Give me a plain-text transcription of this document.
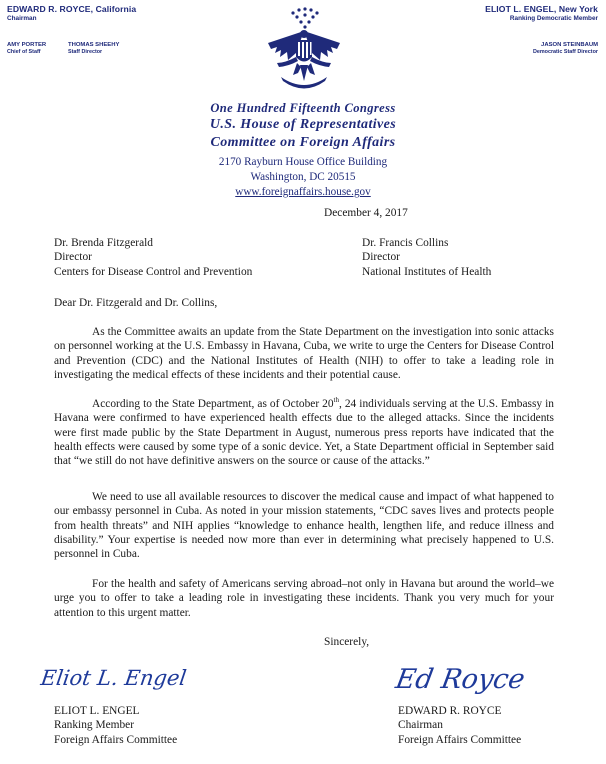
EDWARD R. ROYCE, California
Chairman
AMY PORTER
Chief of Staff
THOMAS SHEEHY
Staff Director
ELIOT L. ENGEL, New York
Ranking Democratic Member
JASON STEINBAUM
Democratic Staff Director
One Hundred Fifteenth Congress
U.S. House of Representatives
Committee on Foreign Affairs
2170 Rayburn House Office Building
Washington, DC 20515
www.foreignaffairs.house.gov
December 4, 2017
Dr. Brenda Fitzgerald
Director
Centers for Disease Control and Prevention
Dr. Francis Collins
Director
National Institutes of Health
Dear Dr. Fitzgerald and Dr. Collins,
As the Committee awaits an update from the State Department on the investigation into sonic attacks on personnel working at the U.S. Embassy in Havana, Cuba, we write to urge the Centers for Disease Control and Prevention (CDC) and the National Institutes of Health (NIH) to offer to take a leading role in investigating the medical effects of these incidents and their potential cause.
According to the State Department, as of October 20th, 24 individuals serving at the U.S. Embassy in Havana were confirmed to have experienced health effects due to the alleged attacks. Since the incidents were first made public by the State Department in August, numerous press reports have indicated that the health effects were caused by some type of a sonic device. Yet, a State Department official in September said that “we still do not have definitive answers on the source or cause of the attacks.”
We need to use all available resources to discover the medical cause and impact of what happened to our embassy personnel in Cuba. As noted in your mission statements, “CDC saves lives and protects people from health threats” and NIH applies “knowledge to enhance health, lengthen life, and reduce illness and disability.” Your expertise is needed now more than ever in determining what precisely happened to U.S. personnel in Cuba.
For the health and safety of Americans serving abroad–not only in Havana but around the world–we urge you to offer to take a leading role in investigating these incidents. Thank you very much for your attention to this urgent matter.
Sincerely,
Eliot L. Engel	Ed Royce
ELIOT L. ENGEL
Ranking Member
Foreign Affairs Committee
EDWARD R. ROYCE
Chairman
Foreign Affairs Committee
